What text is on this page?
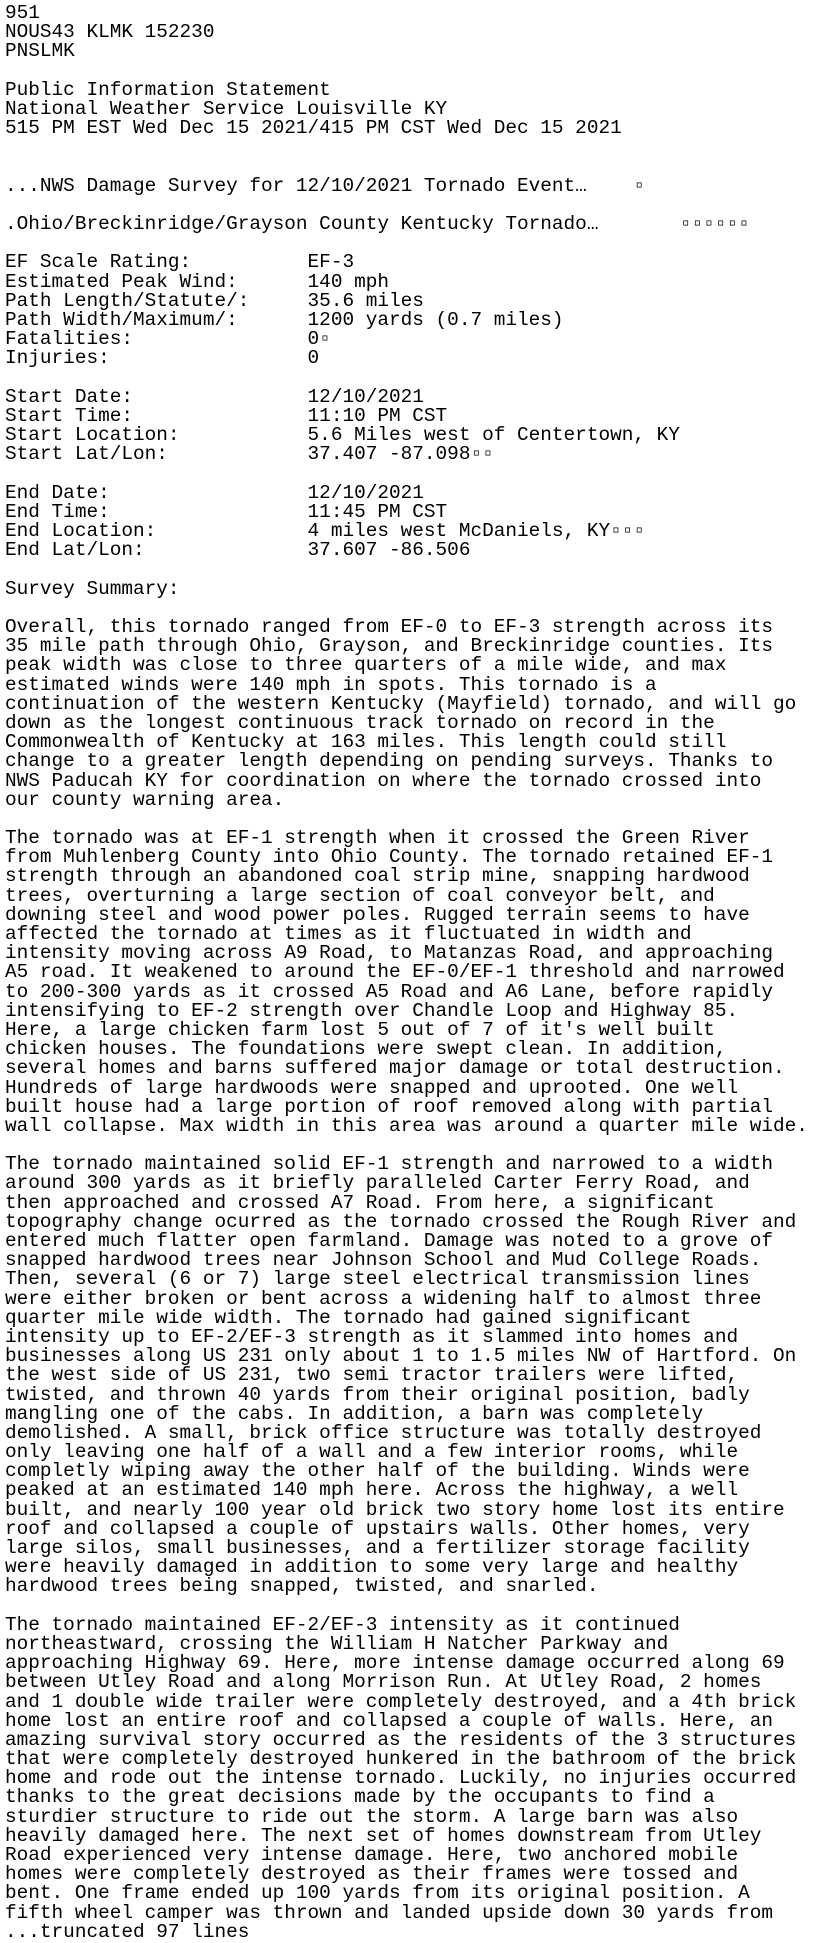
951
NOUS43 KLMK 152230
PNSLMK

Public Information Statement
National Weather Service Louisville KY
515 PM EST Wed Dec 15 2021/415 PM CST Wed Dec 15 2021

...NWS Damage Survey for 12/10/2021 Tornado Event…    ▫

.Ohio/Breckinridge/Grayson County Kentucky Tornado…       ▫▫▫▫▫▫

EF Scale Rating:          EF-3
Estimated Peak Wind:      140 mph
Path Length/Statute/:     35.6 miles
Path Width/Maximum/:      1200 yards (0.7 miles)
Fatalities:               0▫
Injuries:                 0

Start Date:               12/10/2021
Start Time:               11:10 PM CST
Start Location:           5.6 Miles west of Centertown, KY
Start Lat/Lon:            37.407 -87.098▫▫

End Date:                 12/10/2021
End Time:                 11:45 PM CST
End Location:             4 miles west McDaniels, KY▫▫▫
End Lat/Lon:              37.607 -86.506

Survey Summary:

Overall, this tornado ranged from EF-0 to EF-3 strength across its
35 mile path through Ohio, Grayson, and Breckinridge counties. Its
peak width was close to three quarters of a mile wide, and max
estimated winds were 140 mph in spots. This tornado is a
continuation of the western Kentucky (Mayfield) tornado, and will go
down as the longest continuous track tornado on record in the
Commonwealth of Kentucky at 163 miles. This length could still
change to a greater length depending on pending surveys. Thanks to
NWS Paducah KY for coordination on where the tornado crossed into
our county warning area.

The tornado was at EF-1 strength when it crossed the Green River
from Muhlenberg County into Ohio County. The tornado retained EF-1
strength through an abandoned coal strip mine, snapping hardwood
trees, overturning a large section of coal conveyor belt, and
downing steel and wood power poles. Rugged terrain seems to have
affected the tornado at times as it fluctuated in width and
intensity moving across A9 Road, to Matanzas Road, and approaching
A5 road. It weakened to around the EF-0/EF-1 threshold and narrowed
to 200-300 yards as it crossed A5 Road and A6 Lane, before rapidly
intensifying to EF-2 strength over Chandle Loop and Highway 85.
Here, a large chicken farm lost 5 out of 7 of it's well built
chicken houses. The foundations were swept clean. In addition,
several homes and barns suffered major damage or total destruction.
Hundreds of large hardwoods were snapped and uprooted. One well
built house had a large portion of roof removed along with partial
wall collapse. Max width in this area was around a quarter mile wide.

The tornado maintained solid EF-1 strength and narrowed to a width
around 300 yards as it briefly paralleled Carter Ferry Road, and
then approached and crossed A7 Road. From here, a significant
topography change ocurred as the tornado crossed the Rough River and
entered much flatter open farmland. Damage was noted to a grove of
snapped hardwood trees near Johnson School and Mud College Roads.
Then, several (6 or 7) large steel electrical transmission lines
were either broken or bent across a widening half to almost three
quarter mile wide width. The tornado had gained significant
intensity up to EF-2/EF-3 strength as it slammed into homes and
businesses along US 231 only about 1 to 1.5 miles NW of Hartford. On
the west side of US 231, two semi tractor trailers were lifted,
twisted, and thrown 40 yards from their original position, badly
mangling one of the cabs. In addition, a barn was completely
demolished. A small, brick office structure was totally destroyed
only leaving one half of a wall and a few interior rooms, while
completly wiping away the other half of the building. Winds were
peaked at an estimated 140 mph here. Across the highway, a well
built, and nearly 100 year old brick two story home lost its entire
roof and collapsed a couple of upstairs walls. Other homes, very
large silos, small businesses, and a fertilizer storage facility
were heavily damaged in addition to some very large and healthy
hardwood trees being snapped, twisted, and snarled.

The tornado maintained EF-2/EF-3 intensity as it continued
northeastward, crossing the William H Natcher Parkway and
approaching Highway 69. Here, more intense damage occurred along 69
between Utley Road and along Morrison Run. At Utley Road, 2 homes
and 1 double wide trailer were completely destroyed, and a 4th brick
home lost an entire roof and collapsed a couple of walls. Here, an
amazing survival story occurred as the residents of the 3 structures
that were completely destroyed hunkered in the bathroom of the brick
home and rode out the intense tornado. Luckily, no injuries occurred
thanks to the great decisions made by the occupants to find a
sturdier structure to ride out the storm. A large barn was also
heavily damaged here. The next set of homes downstream from Utley
Road experienced very intense damage. Here, two anchored mobile
homes were completely destroyed as their frames were tossed and
bent. One frame ended up 100 yards from its original position. A
fifth wheel camper was thrown and landed upside down 30 yards from
...truncated 97 lines
